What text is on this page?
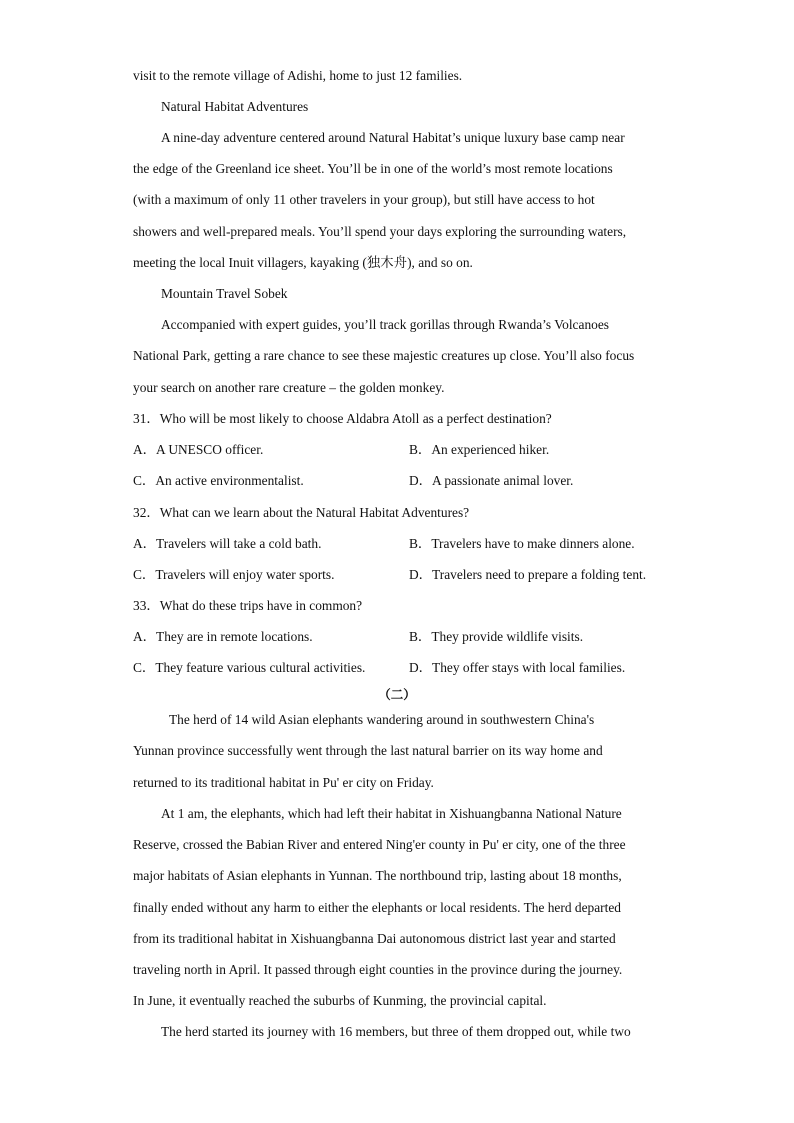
visit to the remote village of Adishi, home to just 12 families.
Natural Habitat Adventures
A nine-day adventure centered around Natural Habitat’s unique luxury base camp near
the edge of the Greenland ice sheet. You’ll be in one of the world’s most remote locations
(with a maximum of only 11 other travelers in your group), but still have access to hot
showers and well-prepared meals. You’ll spend your days exploring the surrounding waters,
meeting the local Inuit villagers, kayaking (独木舟), and so on.
Mountain Travel Sobek
Accompanied with expert guides, you’ll track gorillas through Rwanda’s Volcanoes
National Park, getting a rare chance to see these majestic creatures up close. You’ll also focus
your search on another rare creature – the golden monkey.
31．Who will be most likely to choose Aldabra Atoll as a perfect destination?
A．A UNESCO officer.	B．An experienced hiker.
C．An active environmentalist.	D．A passionate animal lover.
32．What can we learn about the Natural Habitat Adventures?
A．Travelers will take a cold bath.	B．Travelers have to make dinners alone.
C．Travelers will enjoy water sports.	D．Travelers need to prepare a folding tent.
33．What do these trips have in common?
A．They are in remote locations.	B．They provide wildlife visits.
C．They feature various cultural activities.	D．They offer stays with local families.
（二）
The herd of 14 wild Asian elephants wandering around in southwestern China's
Yunnan province successfully went through the last natural barrier on its way home and
returned to its traditional habitat in Pu' er city on Friday.
At 1 am, the elephants, which had left their habitat in Xishuangbanna National Nature
Reserve, crossed the Babian River and entered Ning'er county in Pu' er city, one of the three
major habitats of Asian elephants in Yunnan. The northbound trip, lasting about 18 months,
finally ended without any harm to either the elephants or local residents. The herd departed
from its traditional habitat in Xishuangbanna Dai autonomous district last year and started
traveling north in April. It passed through eight counties in the province during the journey.
In June, it eventually reached the suburbs of Kunming, the provincial capital.
The herd started its journey with 16 members, but three of them dropped out, while two
